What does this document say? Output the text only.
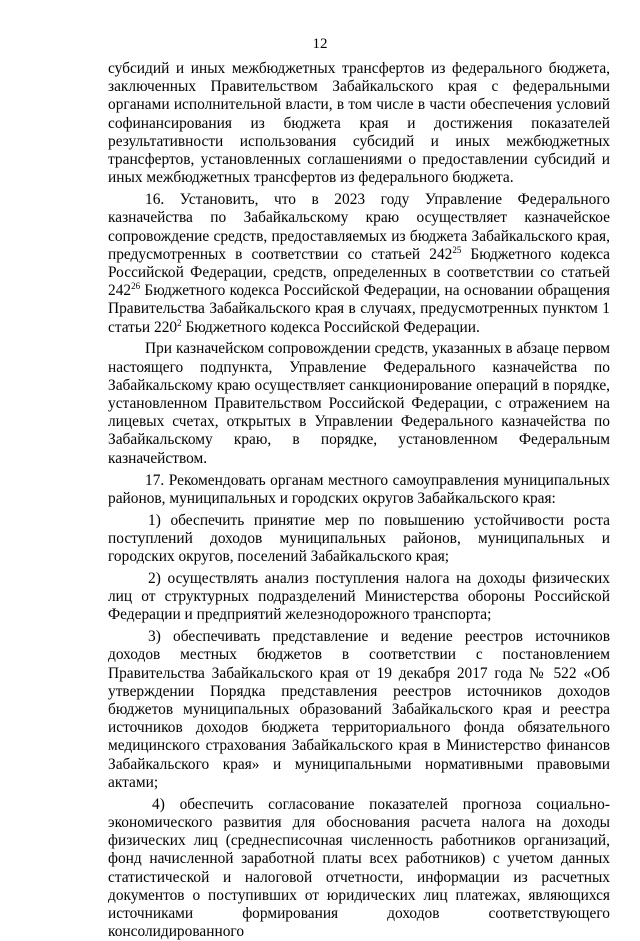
12

субсидий и иных межбюджетных трансфертов из федерального бюджета, заключенных Правительством Забайкальского края с федеральными органами исполнительной власти, в том числе в части обеспечения условий софинансирования из бюджета края и достижения показателей результативности использования субсидий и иных межбюджетных трансфертов, установленных соглашениями о предоставлении субсидий и иных межбюджетных трансфертов из федерального бюджета.

16. Установить, что в 2023 году Управление Федерального казначейства по Забайкальскому краю осуществляет казначейское сопровождение средств, предоставляемых из бюджета Забайкальского края, предусмотренных в соответствии со статьей $242^{25}$ Бюджетного кодекса Российской Федерации, средств, определенных в соответствии со статьей $242^{26}$ Бюджетного кодекса Российской Федерации, на основании обращения Правительства Забайкальского края в случаях, предусмотренных пунктом 1 статьи $220^2$ Бюджетного кодекса Российской Федерации.

При казначейском сопровождении средств, указанных в абзаце первом настоящего подпункта, Управление Федерального казначейства по Забайкальскому краю осуществляет санкционирование операций в порядке, установленном Правительством Российской Федерации, с отражением на лицевых счетах, открытых в Управлении Федерального казначейства по Забайкальскому краю, в порядке, установленном Федеральным казначейством.

17. Рекомендовать органам местного самоуправления муниципальных районов, муниципальных и городских округов Забайкальского края:

1) обеспечить принятие мер по повышению устойчивости роста поступлений доходов муниципальных районов, муниципальных и городских округов, поселений Забайкальского края;

2) осуществлять анализ поступления налога на доходы физических лиц от структурных подразделений Министерства обороны Российской Федерации и предприятий железнодорожного транспорта;

3) обеспечивать представление и ведение реестров источников доходов местных бюджетов в соответствии с постановлением Правительства Забайкальского края от 19 декабря 2017 года № 522 «Об утверждении Порядка представления реестров источников доходов бюджетов муниципальных образований Забайкальского края и реестра источников доходов бюджета территориального фонда обязательного медицинского страхования Забайкальского края в Министерство финансов Забайкальского края» и муниципальными нормативными правовыми актами;

4) обеспечить согласование показателей прогноза социально-экономического развития для обоснования расчета налога на доходы физических лиц (среднесписочная численность работников организаций, фонд начисленной заработной платы всех работников) с учетом данных статистической и налоговой отчетности, информации из расчетных документов о поступивших от юридических лиц платежах, являющихся источниками формирования доходов соответствующего консолидированного
